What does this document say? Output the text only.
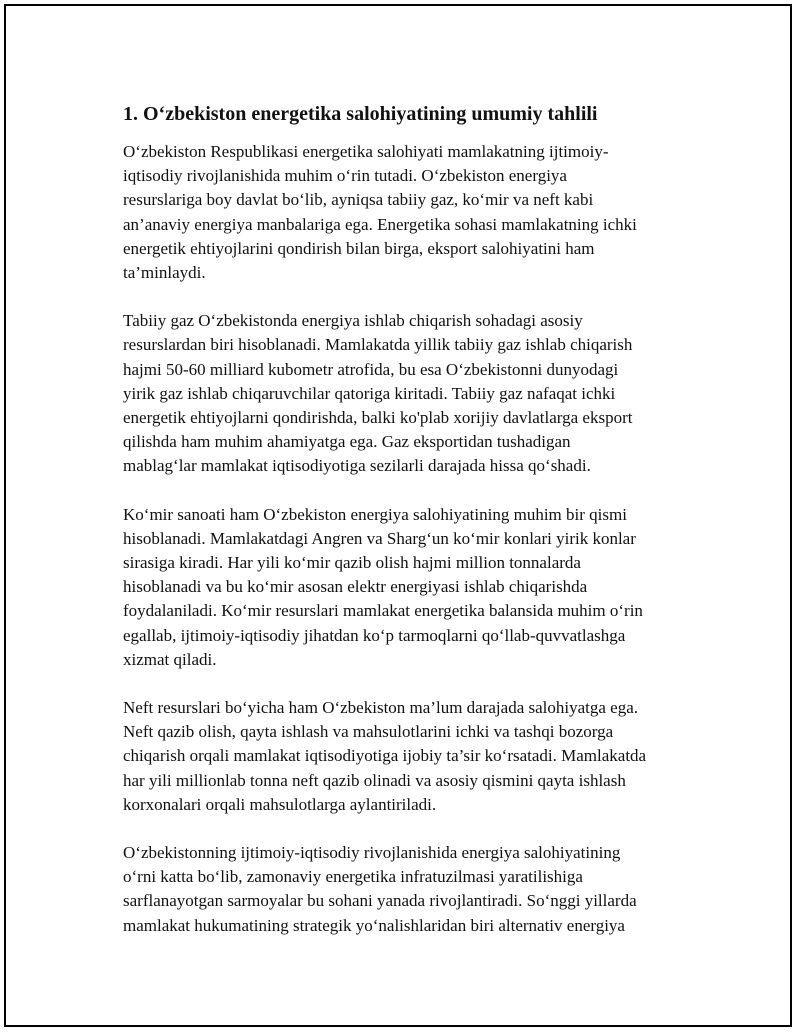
1. O‘zbekiston energetika salohiyatining umumiy tahlili

O‘zbekiston Respublikasi energetika salohiyati mamlakatning ijtimoiy-
iqtisodiy rivojlanishida muhim o‘rin tutadi. O‘zbekiston energiya
resurslariga boy davlat bo‘lib, ayniqsa tabiiy gaz, ko‘mir va neft kabi
an’anaviy energiya manbalariga ega. Energetika sohasi mamlakatning ichki
energetik ehtiyojlarini qondirish bilan birga, eksport salohiyatini ham
ta’minlaydi.

Tabiiy gaz O‘zbekistonda energiya ishlab chiqarish sohadagi asosiy
resurslardan biri hisoblanadi. Mamlakatda yillik tabiiy gaz ishlab chiqarish
hajmi 50-60 milliard kubometr atrofida, bu esa O‘zbekistonni dunyodagi
yirik gaz ishlab chiqaruvchilar qatoriga kiritadi. Tabiiy gaz nafaqat ichki
energetik ehtiyojlarni qondirishda, balki ko'plab xorijiy davlatlarga eksport
qilishda ham muhim ahamiyatga ega. Gaz eksportidan tushadigan
mablag‘lar mamlakat iqtisodiyotiga sezilarli darajada hissa qo‘shadi.

Ko‘mir sanoati ham O‘zbekiston energiya salohiyatining muhim bir qismi
hisoblanadi. Mamlakatdagi Angren va Sharg‘un ko‘mir konlari yirik konlar
sirasiga kiradi. Har yili ko‘mir qazib olish hajmi million tonnalarda
hisoblanadi va bu ko‘mir asosan elektr energiyasi ishlab chiqarishda
foydalaniladi. Ko‘mir resurslari mamlakat energetika balansida muhim o‘rin
egallab, ijtimoiy-iqtisodiy jihatdan ko‘p tarmoqlarni qo‘llab-quvvatlashga
xizmat qiladi.

Neft resurslari bo‘yicha ham O‘zbekiston ma’lum darajada salohiyatga ega.
Neft qazib olish, qayta ishlash va mahsulotlarini ichki va tashqi bozorga
chiqarish orqali mamlakat iqtisodiyotiga ijobiy ta’sir ko‘rsatadi. Mamlakatda
har yili millionlab tonna neft qazib olinadi va asosiy qismini qayta ishlash
korxonalari orqali mahsulotlarga aylantiriladi.

O‘zbekistonning ijtimoiy-iqtisodiy rivojlanishida energiya salohiyatining
o‘rni katta bo‘lib, zamonaviy energetika infratuzilmasi yaratilishiga
sarflanayotgan sarmoyalar bu sohani yanada rivojlantiradi. So‘nggi yillarda
mamlakat hukumatining strategik yo‘nalishlaridan biri alternativ energiya
